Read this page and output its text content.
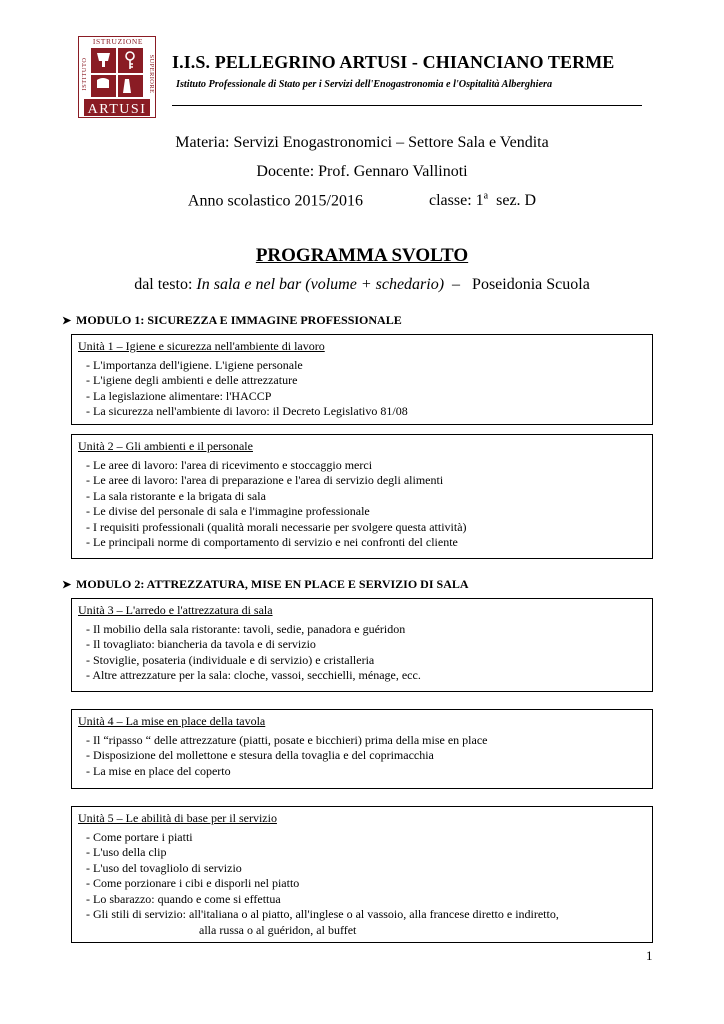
ISTRUZIONE
ISTITUTO	SUPERIORE
ARTUSI
I.I.S. PELLEGRINO ARTUSI - CHIANCIANO TERME
Istituto Professionale di Stato per i Servizi dell'Enogastronomia e l'Ospitalità Alberghiera
Materia: Servizi Enogastronomici – Settore Sala e Vendita
Docente: Prof. Gennaro Vallinoti
Anno scolastico 2015/2016	classe: 1$^a$  sez. D
PROGRAMMA SVOLTO
dal testo: In sala e nel bar (volume + schedario)  –   Poseidonia Scuola
➤ MODULO 1: SICUREZZA E IMMAGINE PROFESSIONALE
Unità 1 – Igiene e sicurezza nell'ambiente di lavoro
- L'importanza dell'igiene. L'igiene personale
- L'igiene degli ambienti e delle attrezzature
- La legislazione alimentare: l'HACCP
- La sicurezza nell'ambiente di lavoro: il Decreto Legislativo 81/08
Unità 2 – Gli ambienti e il personale
- Le aree di lavoro: l'area di ricevimento e stoccaggio merci
- Le aree di lavoro: l'area di preparazione e l'area di servizio degli alimenti
- La sala ristorante e la brigata di sala
- Le divise del personale di sala e l'immagine professionale
- I requisiti professionali (qualità morali necessarie per svolgere questa attività)
- Le principali norme di comportamento di servizio e nei confronti del cliente
➤ MODULO 2: ATTREZZATURA, MISE EN PLACE E SERVIZIO DI SALA
Unità 3 – L'arredo e l'attrezzatura di sala
- Il mobilio della sala ristorante: tavoli, sedie, panadora e guéridon
- Il tovagliato: biancheria da tavola e di servizio
- Stoviglie, posateria (individuale e di servizio) e cristalleria
- Altre attrezzature per la sala: cloche, vassoi, secchielli, ménage, ecc.
Unità 4 – La mise en place della tavola
- Il “ripasso “ delle attrezzature (piatti, posate e bicchieri) prima della mise en place
- Disposizione del mollettone e stesura della tovaglia e del coprimacchia
- La mise en place del coperto
Unità 5 – Le abilità di base per il servizio
- Come portare i piatti
- L'uso della clip
- L'uso del tovagliolo di servizio
- Come porzionare i cibi e disporli nel piatto
- Lo sbarazzo: quando e come si effettua
- Gli stili di servizio: all'italiana o al piatto, all'inglese o al vassoio, alla francese diretto e indiretto,
alla russa o al guéridon, al buffet
1
